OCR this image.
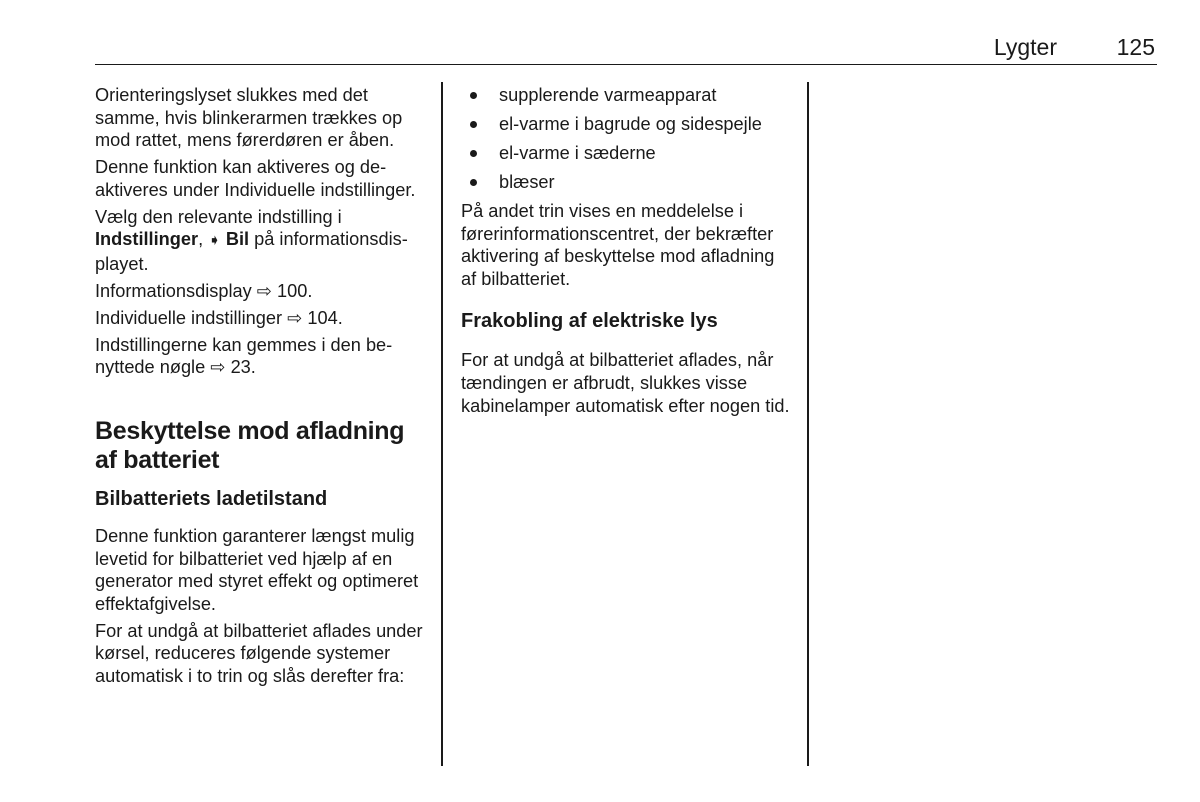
Lygter	125

Orienteringslyset slukkes med det samme, hvis blinkerarmen trækkes op mod rattet, mens førerdøren er åben.

Denne funktion kan aktiveres og deaktiveres under Individuelle indstillinger.

Vælg den relevante indstilling i Indstillinger, ➧ Bil på informationsdisplayet.

Informationsdisplay ⇨ 100.

Individuelle indstillinger ⇨ 104.

Indstillingerne kan gemmes i den benyttede nøgle ⇨ 23.

Beskyttelse mod afladning af batteriet
Bilbatteriets ladetilstand

Denne funktion garanterer længst mulig levetid for bilbatteriet ved hjælp af en generator med styret effekt og optimeret effektafgivelse.

For at undgå at bilbatteriet aflades under kørsel, reduceres følgende systemer automatisk i to trin og slås derefter fra:

supplerende varmeapparat
el-varme i bagrude og sidespejle
el-varme i sæderne
blæser

På andet trin vises en meddelelse i førerinformationscentret, der bekræfter aktivering af beskyttelse mod afladning af bilbatteriet.

Frakobling af elektriske lys

For at undgå at bilbatteriet aflades, når tændingen er afbrudt, slukkes visse kabinelamper automatisk efter nogen tid.
